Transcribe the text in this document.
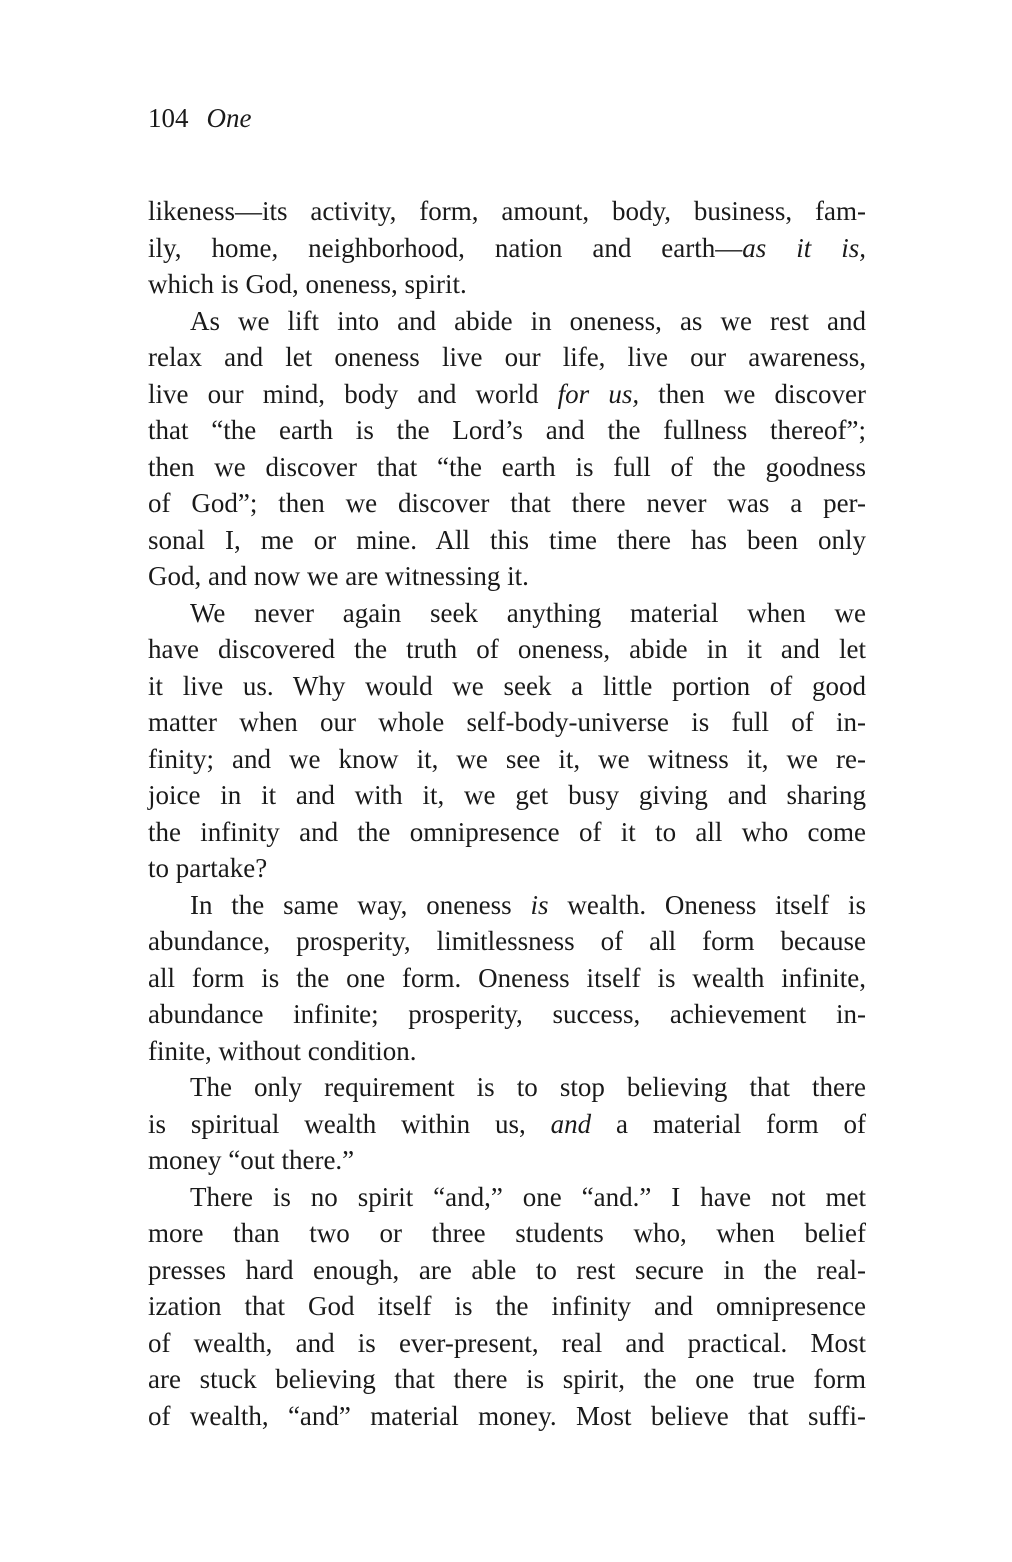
104 One
likeness—its activity, form, amount, body, business, fam-
ily, home, neighborhood, nation and earth—as it is,
which is God, oneness, spirit.
As we lift into and abide in oneness, as we rest and
relax and let oneness live our life, live our awareness,
live our mind, body and world for us, then we discover
that “the earth is the Lord’s and the fullness thereof”;
then we discover that “the earth is full of the goodness
of God”; then we discover that there never was a per-
sonal I, me or mine. All this time there has been only
God, and now we are witnessing it.
We never again seek anything material when we
have discovered the truth of oneness, abide in it and let
it live us. Why would we seek a little portion of good
matter when our whole self-body-universe is full of in-
finity; and we know it, we see it, we witness it, we re-
joice in it and with it, we get busy giving and sharing
the infinity and the omnipresence of it to all who come
to partake?
In the same way, oneness is wealth. Oneness itself is
abundance, prosperity, limitlessness of all form because
all form is the one form. Oneness itself is wealth infinite,
abundance infinite; prosperity, success, achievement in-
finite, without condition.
The only requirement is to stop believing that there
is spiritual wealth within us, and a material form of
money “out there.”
There is no spirit “and,” one “and.” I have not met
more than two or three students who, when belief
presses hard enough, are able to rest secure in the real-
ization that God itself is the infinity and omnipresence
of wealth, and is ever-present, real and practical. Most
are stuck believing that there is spirit, the one true form
of wealth, “and” material money. Most believe that suffi-
